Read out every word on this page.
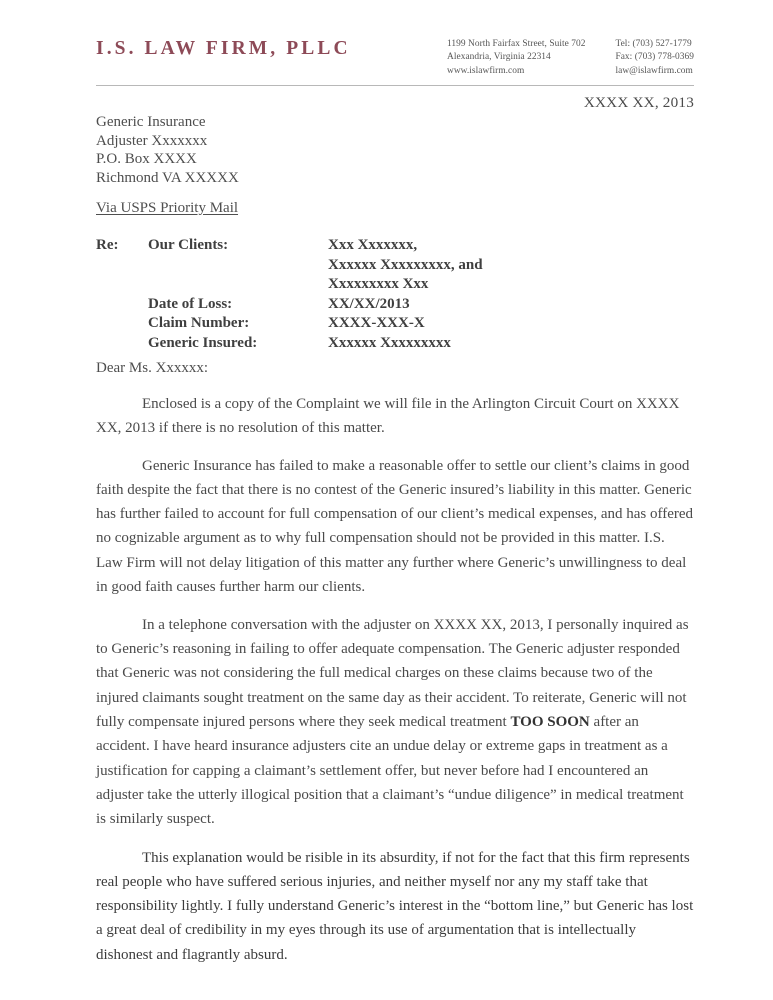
I.S. LAW FIRM, PLLC	1199 North Fairfax Street, Suite 702
Alexandria, Virginia 22314
www.islawfirm.com
Tel: (703) 527-1779
Fax: (703) 778-0369
law@islawfirm.com
XXXX XX, 2013
Generic Insurance
Adjuster Xxxxxxx
P.O. Box XXXX
Richmond VA XXXXX
Via USPS Priority Mail
Re:	Our Clients:	Xxx Xxxxxxx,
Xxxxxx Xxxxxxxxx, and
Xxxxxxxxx Xxx
Date of Loss:	XX/XX/2013
Claim Number:	XXXX-XXX-X
Generic Insured:	Xxxxxx Xxxxxxxxx
Dear Ms. Xxxxxx:

Enclosed is a copy of the Complaint we will file in the Arlington Circuit Court on XXXX XX, 2013 if there is no resolution of this matter.

Generic Insurance has failed to make a reasonable offer to settle our client’s claims in good faith despite the fact that there is no contest of the Generic insured’s liability in this matter. Generic has further failed to account for full compensation of our client’s medical expenses, and has offered no cognizable argument as to why full compensation should not be provided in this matter. I.S. Law Firm will not delay litigation of this matter any further where Generic’s unwillingness to deal in good faith causes further harm our clients.

In a telephone conversation with the adjuster on XXXX XX, 2013, I personally inquired as to Generic’s reasoning in failing to offer adequate compensation. The Generic adjuster responded that Generic was not considering the full medical charges on these claims because two of the injured claimants sought treatment on the same day as their accident. To reiterate, Generic will not fully compensate injured persons where they seek medical treatment TOO SOON after an accident. I have heard insurance adjusters cite an undue delay or extreme gaps in treatment as a justification for capping a claimant’s settlement offer, but never before had I encountered an adjuster take the utterly illogical position that a claimant’s “undue diligence” in medical treatment is similarly suspect.

This explanation would be risible in its absurdity, if not for the fact that this firm represents real people who have suffered serious injuries, and neither myself nor any my staff take that responsibility lightly. I fully understand Generic’s interest in the “bottom line,” but Generic has lost a great deal of credibility in my eyes through its use of argumentation that is intellectually dishonest and flagrantly absurd.
